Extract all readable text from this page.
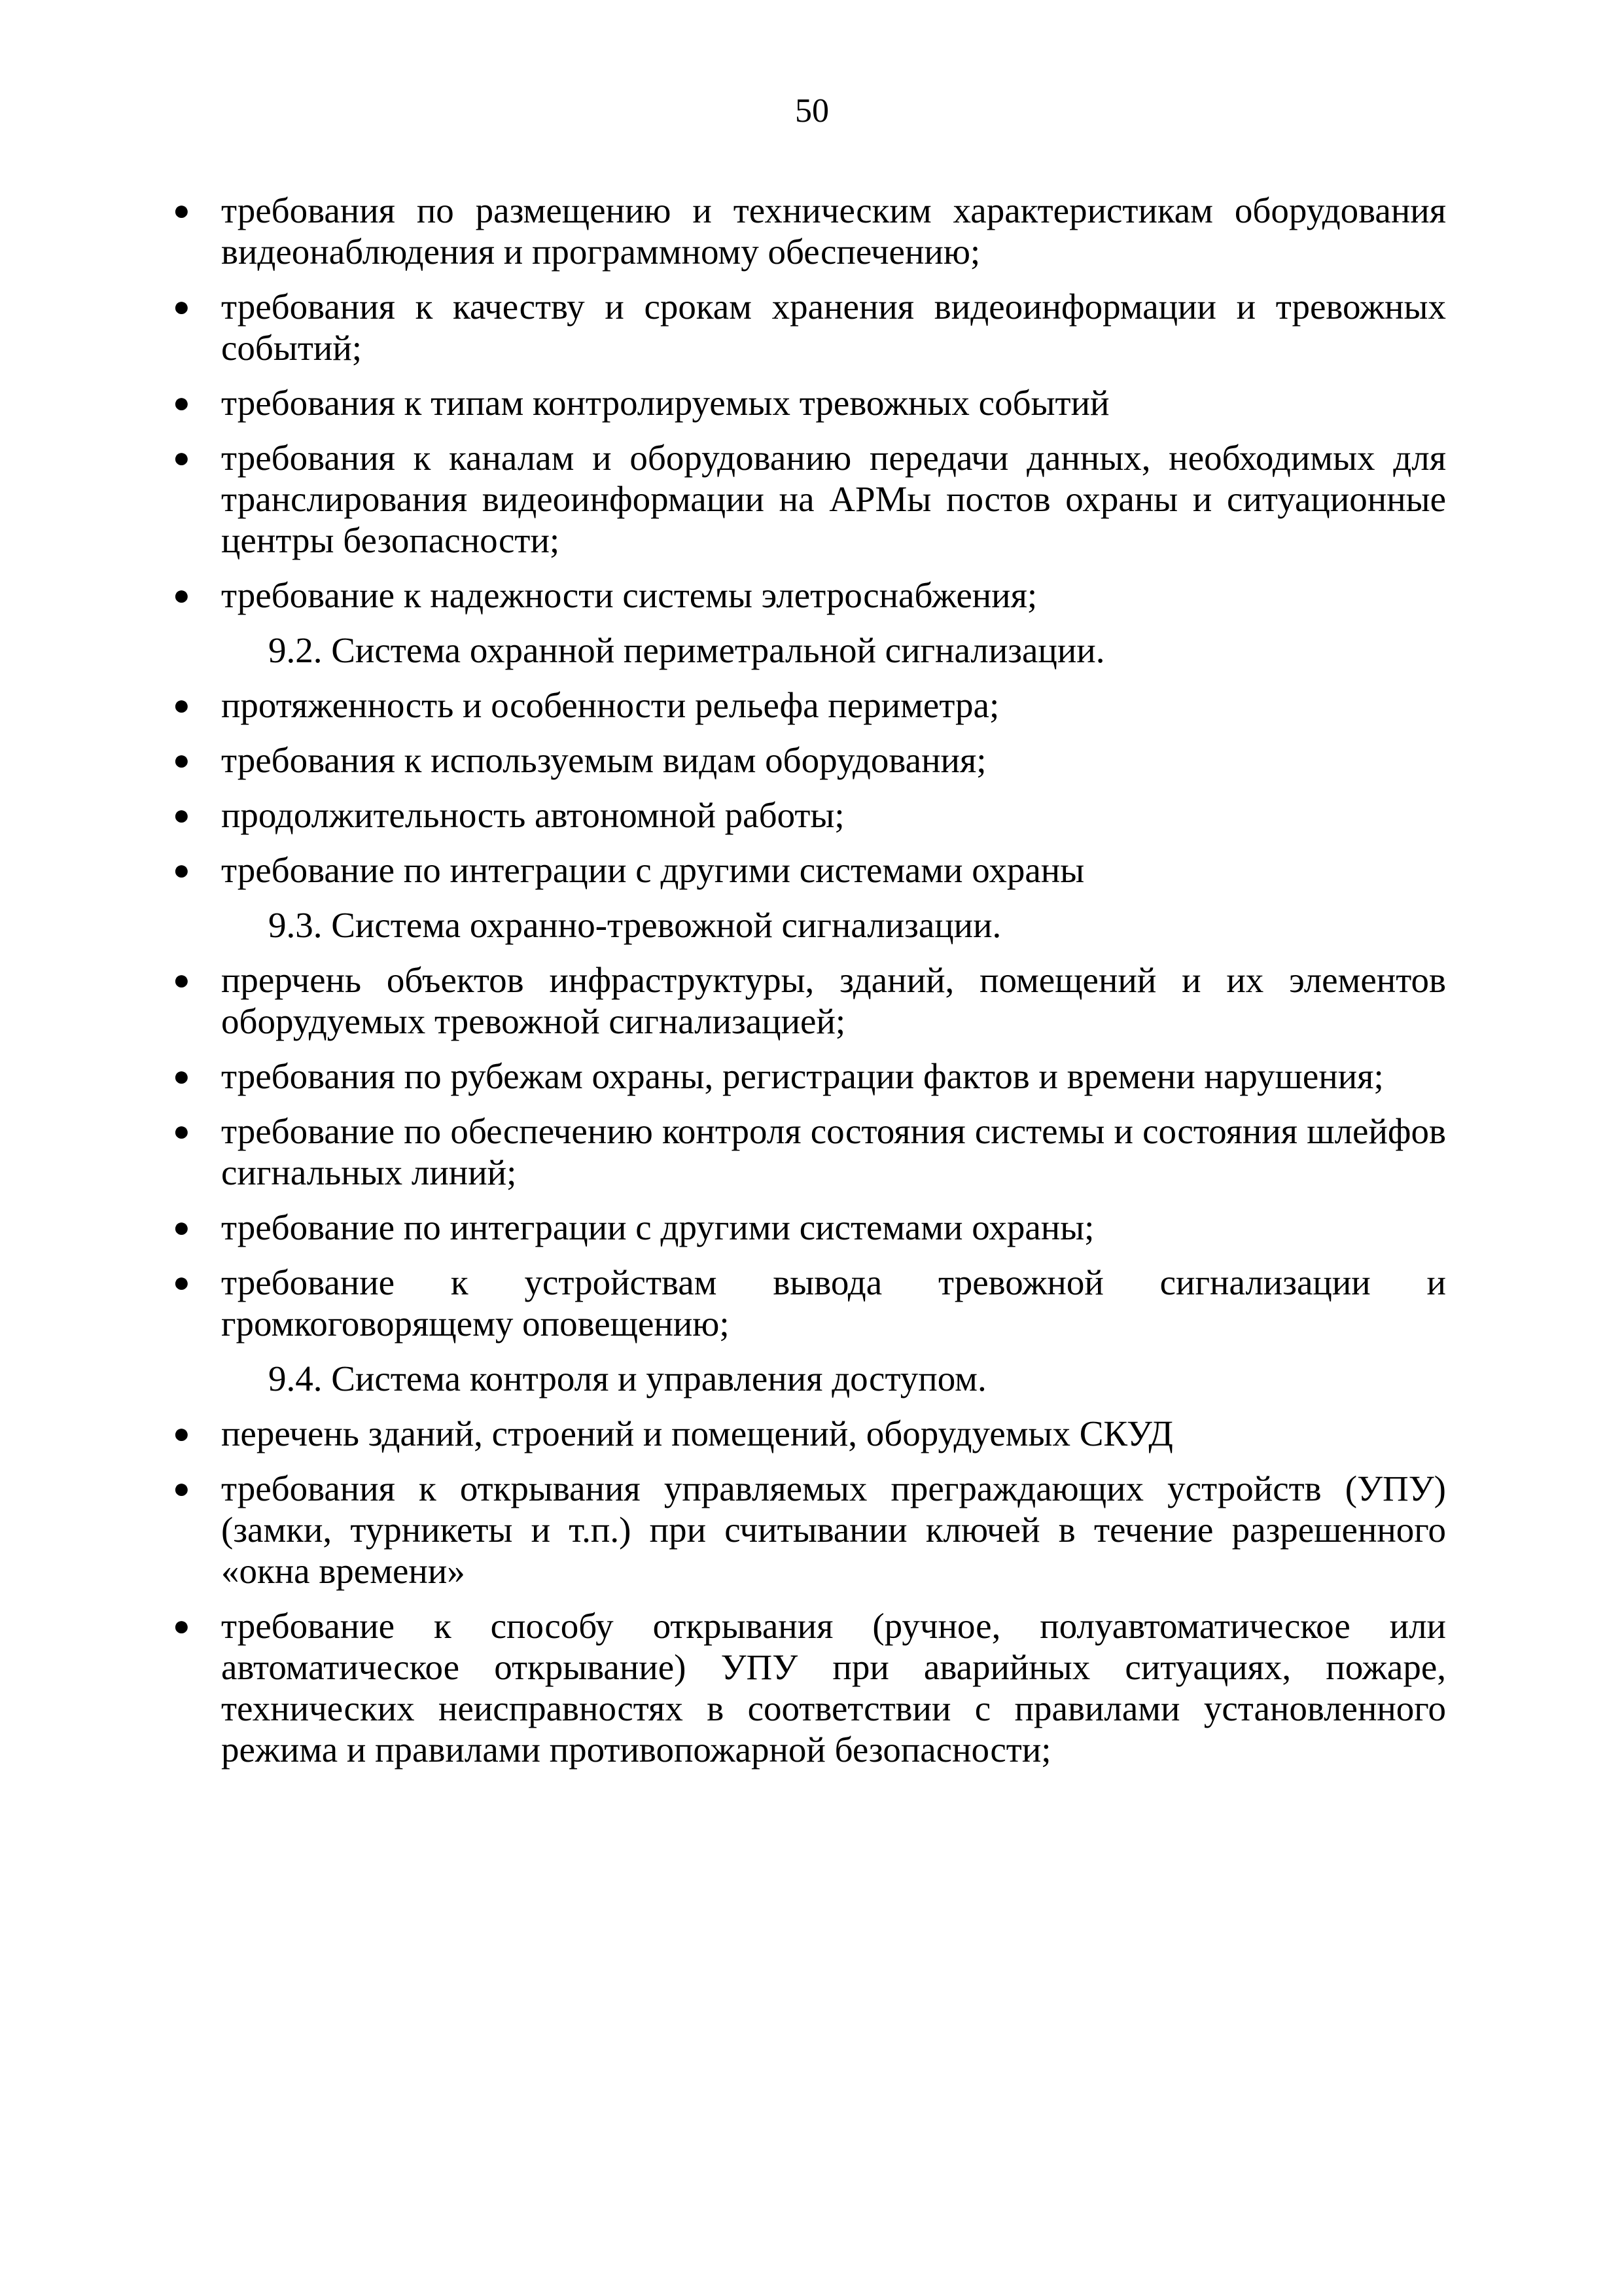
50
● требования по размещению и техническим характеристикам оборудования видеонаблюдения и программному обеспечению;
● требования к качеству и срокам хранения видеоинформации и тревожных событий;
● требования к типам контролируемых тревожных событий
● требования к каналам и оборудованию передачи данных, необходимых для транслирования видеоинформации на АРМы постов охраны и ситуационные центры безопасности;
● требование к надежности системы элетроснабжения;
9.2. Система охранной периметральной сигнализации.
● протяженность и особенности рельефа периметра;
● требования к используемым видам оборудования;
● продолжительность автономной работы;
● требование по интеграции с другими системами охраны
9.3. Система охранно-тревожной сигнализации.
● прерчень объектов инфраструктуры, зданий, помещений и их элементов оборудуемых тревожной сигнализацией;
● требования по рубежам охраны, регистрации фактов и времени нарушения;
● требование по обеспечению контроля состояния системы и состояния шлейфов сигнальных линий;
● требование по интеграции с другими системами охраны;
● требование к устройствам вывода тревожной сигнализации и громкоговорящему оповещению;
9.4. Система контроля и управления доступом.
● перечень зданий, строений и помещений, оборудуемых СКУД
● требования к открывания управляемых преграждающих устройств (УПУ) (замки, турникеты и т.п.) при считывании ключей в течение разрешенного «окна времени»
● требование к способу открывания (ручное, полуавтоматическое или автоматическое открывание) УПУ при аварийных ситуациях, пожаре, технических неисправностях в соответствии с правилами установленного режима и правилами противопожарной безопасности;
